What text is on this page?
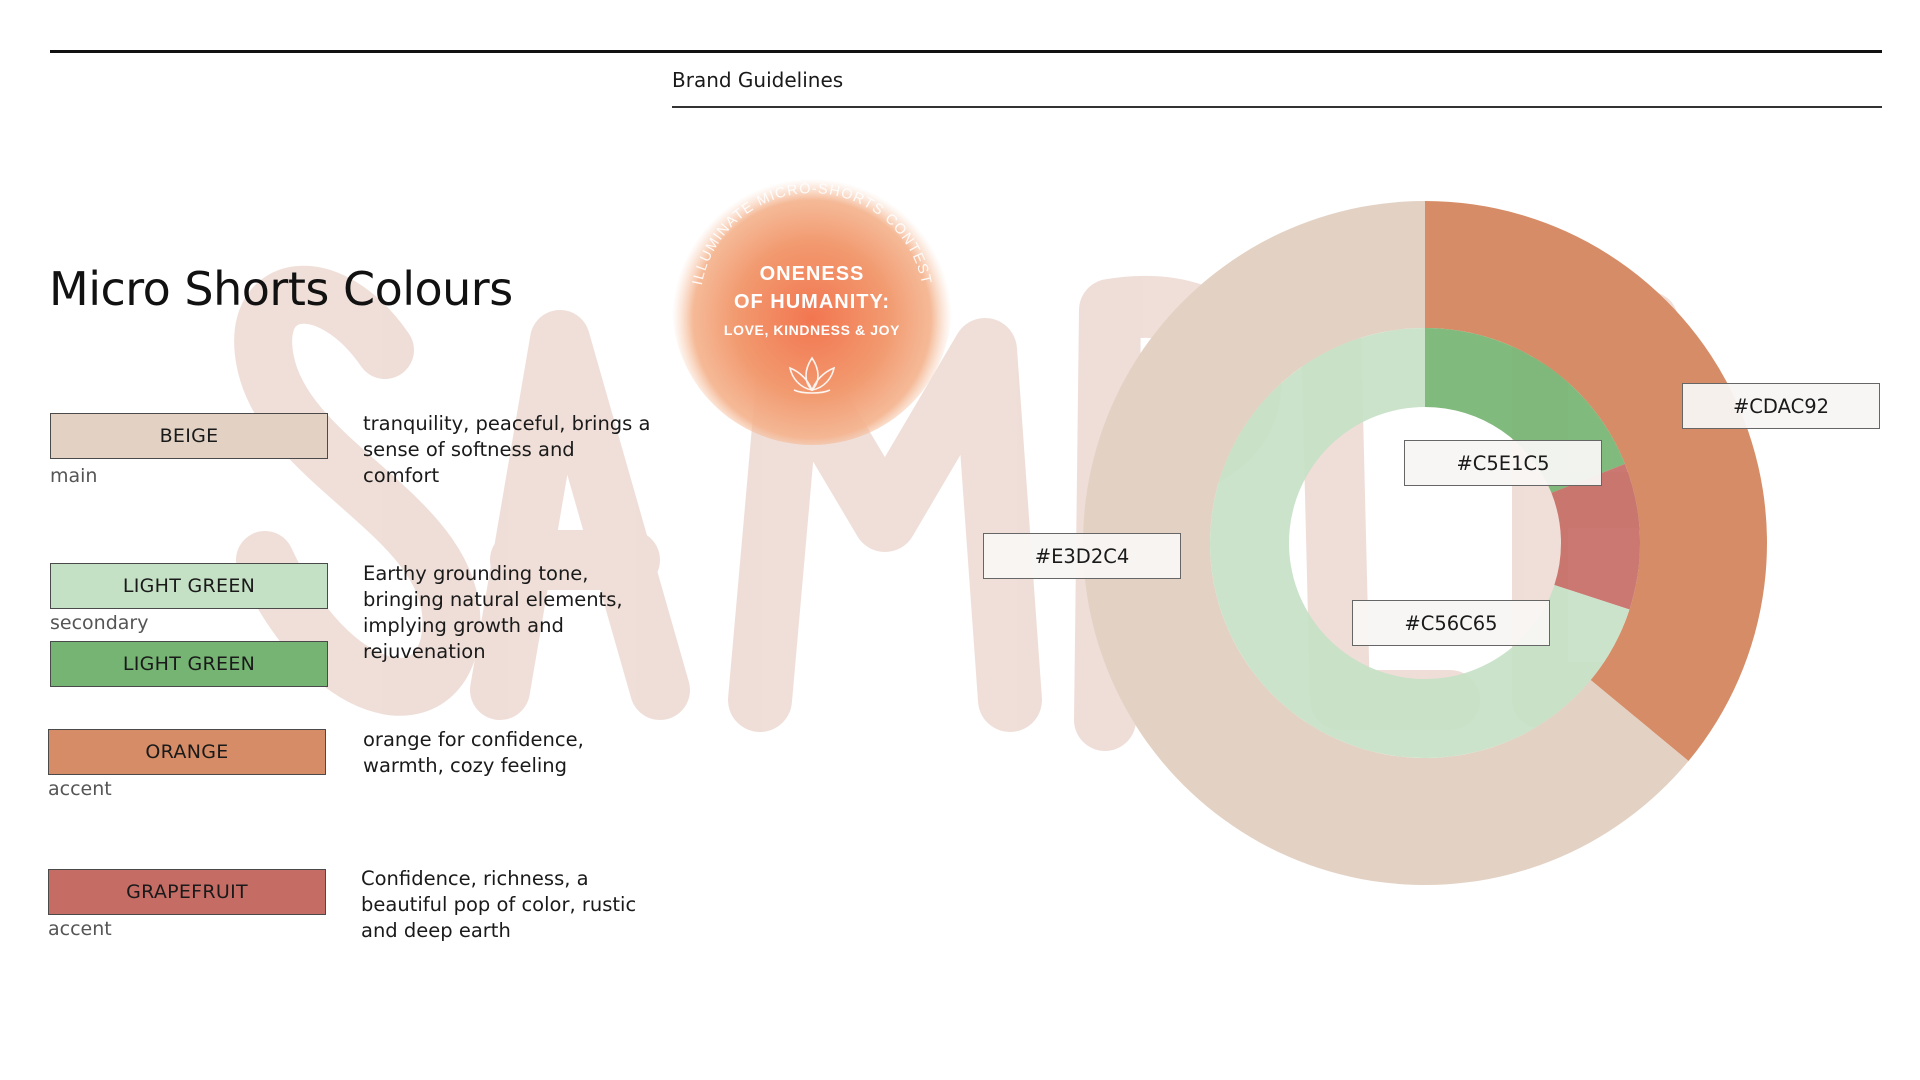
Brand Guidelines
Micro Shorts Colours
BEIGE
main
tranquility, peaceful, brings a sense of softness and comfort
LIGHT GREEN
secondary
LIGHT GREEN
Earthy grounding tone, bringing natural elements, implying growth and rejuvenation
ORANGE
accent
orange for confidence, warmth, cozy feeling
GRAPEFRUIT
accent
Confidence, richness, a beautiful pop of color, rustic and deep earth
ILLUMINATE MICRO-SHORTS CONTEST
ONENESS
OF HUMANITY:
LOVE, KINDNESS & JOY
#CDAC92
#C5E1C5
#E3D2C4
#C56C65
